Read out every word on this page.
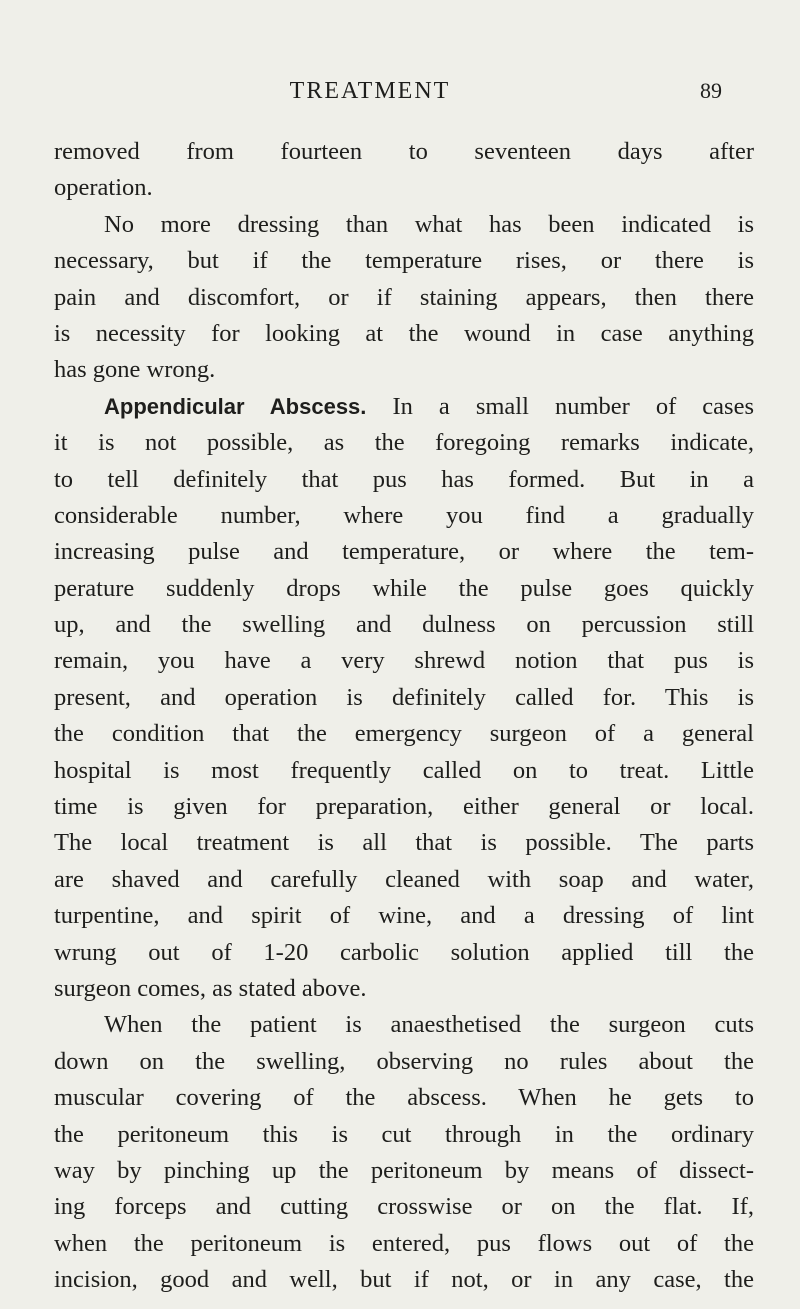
TREATMENT	89

removed from fourteen to seventeen days after
operation.

No more dressing than what has been indicated is
necessary, but if the temperature rises, or there is
pain and discomfort, or if staining appears, then there
is necessity for looking at the wound in case anything
has gone wrong.

Appendicular Abscess. In a small number of cases
it is not possible, as the foregoing remarks indicate,
to tell definitely that pus has formed. But in a
considerable number, where you find a gradually
increasing pulse and temperature, or where the tem-
perature suddenly drops while the pulse goes quickly
up, and the swelling and dulness on percussion still
remain, you have a very shrewd notion that pus is
present, and operation is definitely called for. This is
the condition that the emergency surgeon of a general
hospital is most frequently called on to treat. Little
time is given for preparation, either general or local.
The local treatment is all that is possible. The parts
are shaved and carefully cleaned with soap and water,
turpentine, and spirit of wine, and a dressing of lint
wrung out of 1-20 carbolic solution applied till the
surgeon comes, as stated above.

When the patient is anaesthetised the surgeon cuts
down on the swelling, observing no rules about the
muscular covering of the abscess. When he gets to
the peritoneum this is cut through in the ordinary
way by pinching up the peritoneum by means of dissect-
ing forceps and cutting crosswise or on the flat. If,
when the peritoneum is entered, pus flows out of the
incision, good and well, but if not, or in any case, the
